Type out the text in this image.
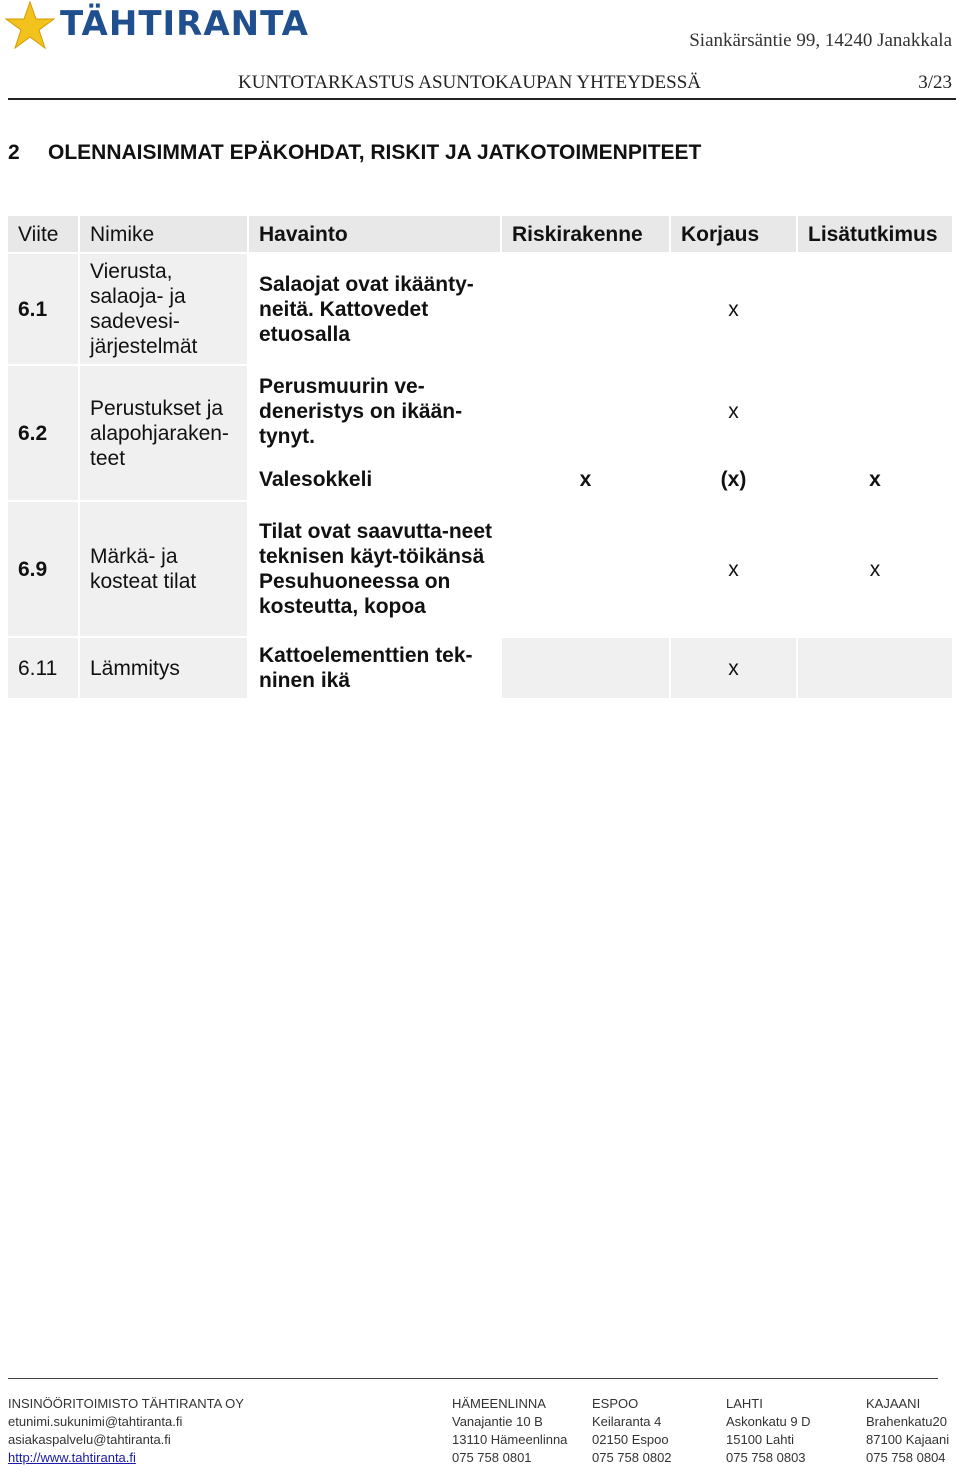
TÄHTIRANTA	Siankärsäntie 99, 14240 Janakkala
KUNTOTARKASTUS ASUNTOKAUPAN YHTEYDESSÄ	3/23
2 OLENNAISIMMAT EPÄKOHDAT, RISKIT JA JATKOTOIMENPITEET
Viite	Nimike	Havainto	Riskirakenne	Korjaus	Lisätutkimus
6.1	Vierusta, salaoja- ja sadevesi-järjestelmät	Salaojat ovat ikäänty-neitä. Kattovedet etuosalla		x	
6.2	Perustukset ja alapohjaraken-teet	Perusmuurin ve-deneristys on ikään-tynyt.		x	
		Valesokkeli	x	(x)	x
6.9	Märkä- ja kosteat tilat	Tilat ovat saavutta-neet teknisen käyt-töikänsä Pesuhuoneessa on kosteutta, kopoa		x	x
6.11	Lämmitys	Kattoelementtien tek-ninen ikä		x	
INSINÖÖRITOIMISTO TÄHTIRANTA OY
etunimi.sukunimi@tahtiranta.fi
asiakaspalvelu@tahtiranta.fi
http://www.tahtiranta.fi
HÄMEENLINNA
Vanajantie 10 B
13110 Hämeenlinna
075 758 0801
ESPOO
Keilaranta 4
02150 Espoo
075 758 0802
LAHTI
Askonkatu 9 D
15100 Lahti
075 758 0803
KAJAANI
Brahenkatu20
87100 Kajaani
075 758 0804
